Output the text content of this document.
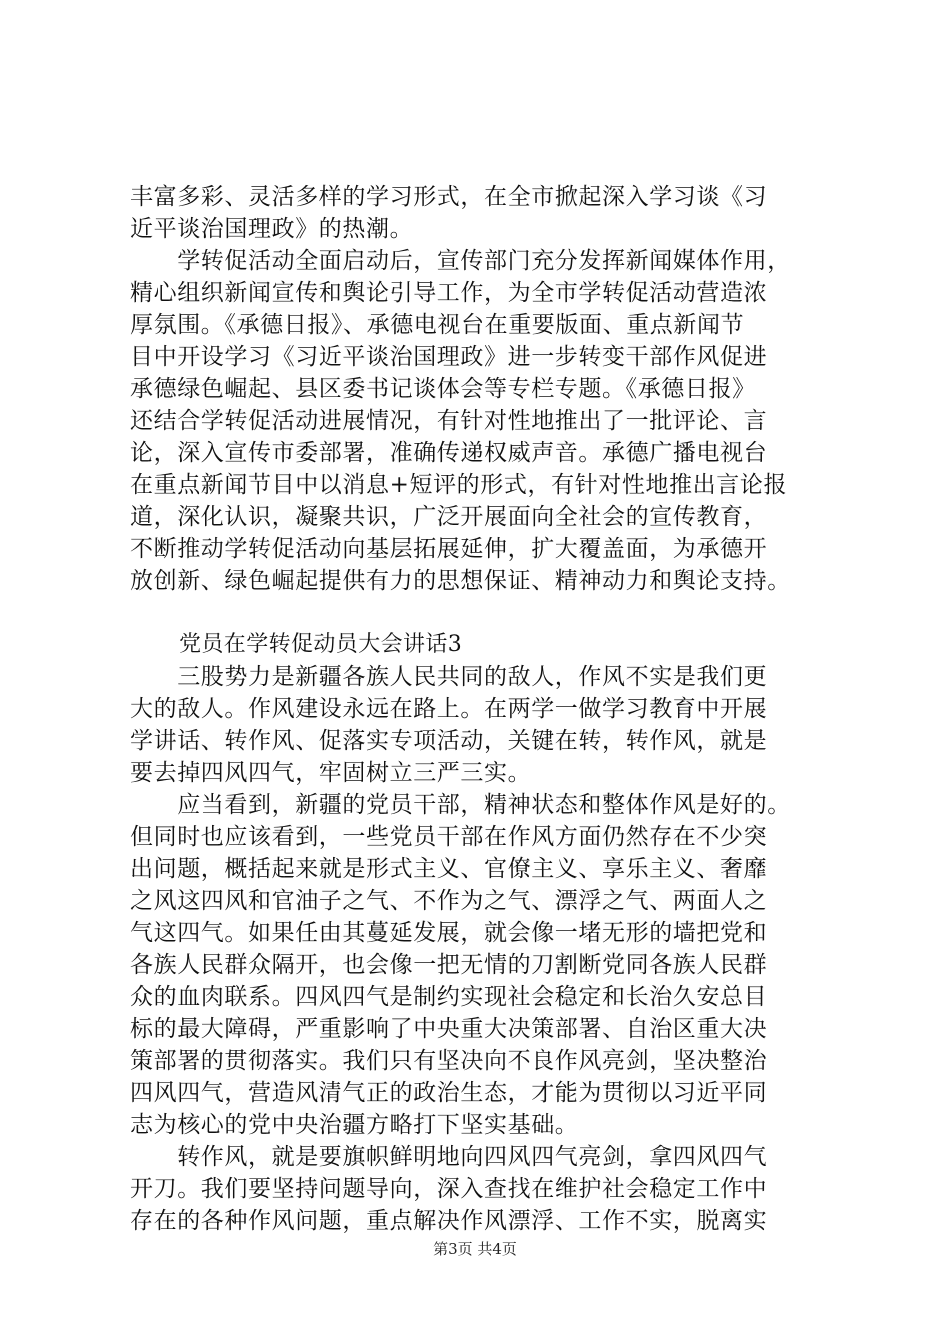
丰富多彩、灵活多样的学习形式，在全市掀起深入学习谈《习
近平谈治国理政》的热潮。
　　学转促活动全面启动后，宣传部门充分发挥新闻媒体作用，
精心组织新闻宣传和舆论引导工作，为全市学转促活动营造浓
厚氛围。《承德日报》、承德电视台在重要版面、重点新闻节
目中开设学习《习近平谈治国理政》进一步转变干部作风促进
承德绿色崛起、县区委书记谈体会等专栏专题。《承德日报》
还结合学转促活动进展情况，有针对性地推出了一批评论、言
论，深入宣传市委部署，准确传递权威声音。承德广播电视台
在重点新闻节目中以消息+短评的形式，有针对性地推出言论报
道，深化认识，凝聚共识，广泛开展面向全社会的宣传教育，
不断推动学转促活动向基层拓展延伸，扩大覆盖面，为承德开
放创新、绿色崛起提供有力的思想保证、精神动力和舆论支持。
党员在学转促动员大会讲话3
　　三股势力是新疆各族人民共同的敌人，作风不实是我们更
大的敌人。作风建设永远在路上。在两学一做学习教育中开展
学讲话、转作风、促落实专项活动，关键在转，转作风，就是
要去掉四风四气，牢固树立三严三实。
　　应当看到，新疆的党员干部，精神状态和整体作风是好的。
但同时也应该看到，一些党员干部在作风方面仍然存在不少突
出问题，概括起来就是形式主义、官僚主义、享乐主义、奢靡
之风这四风和官油子之气、不作为之气、漂浮之气、两面人之
气这四气。如果任由其蔓延发展，就会像一堵无形的墙把党和
各族人民群众隔开，也会像一把无情的刀割断党同各族人民群
众的血肉联系。四风四气是制约实现社会稳定和长治久安总目
标的最大障碍，严重影响了中央重大决策部署、自治区重大决
策部署的贯彻落实。我们只有坚决向不良作风亮剑，坚决整治
四风四气，营造风清气正的政治生态，才能为贯彻以习近平同
志为核心的党中央治疆方略打下坚实基础。
　　转作风，就是要旗帜鲜明地向四风四气亮剑，拿四风四气
开刀。我们要坚持问题导向，深入查找在维护社会稳定工作中
存在的各种作风问题，重点解决作风漂浮、工作不实，脱离实
第3页 共4页
